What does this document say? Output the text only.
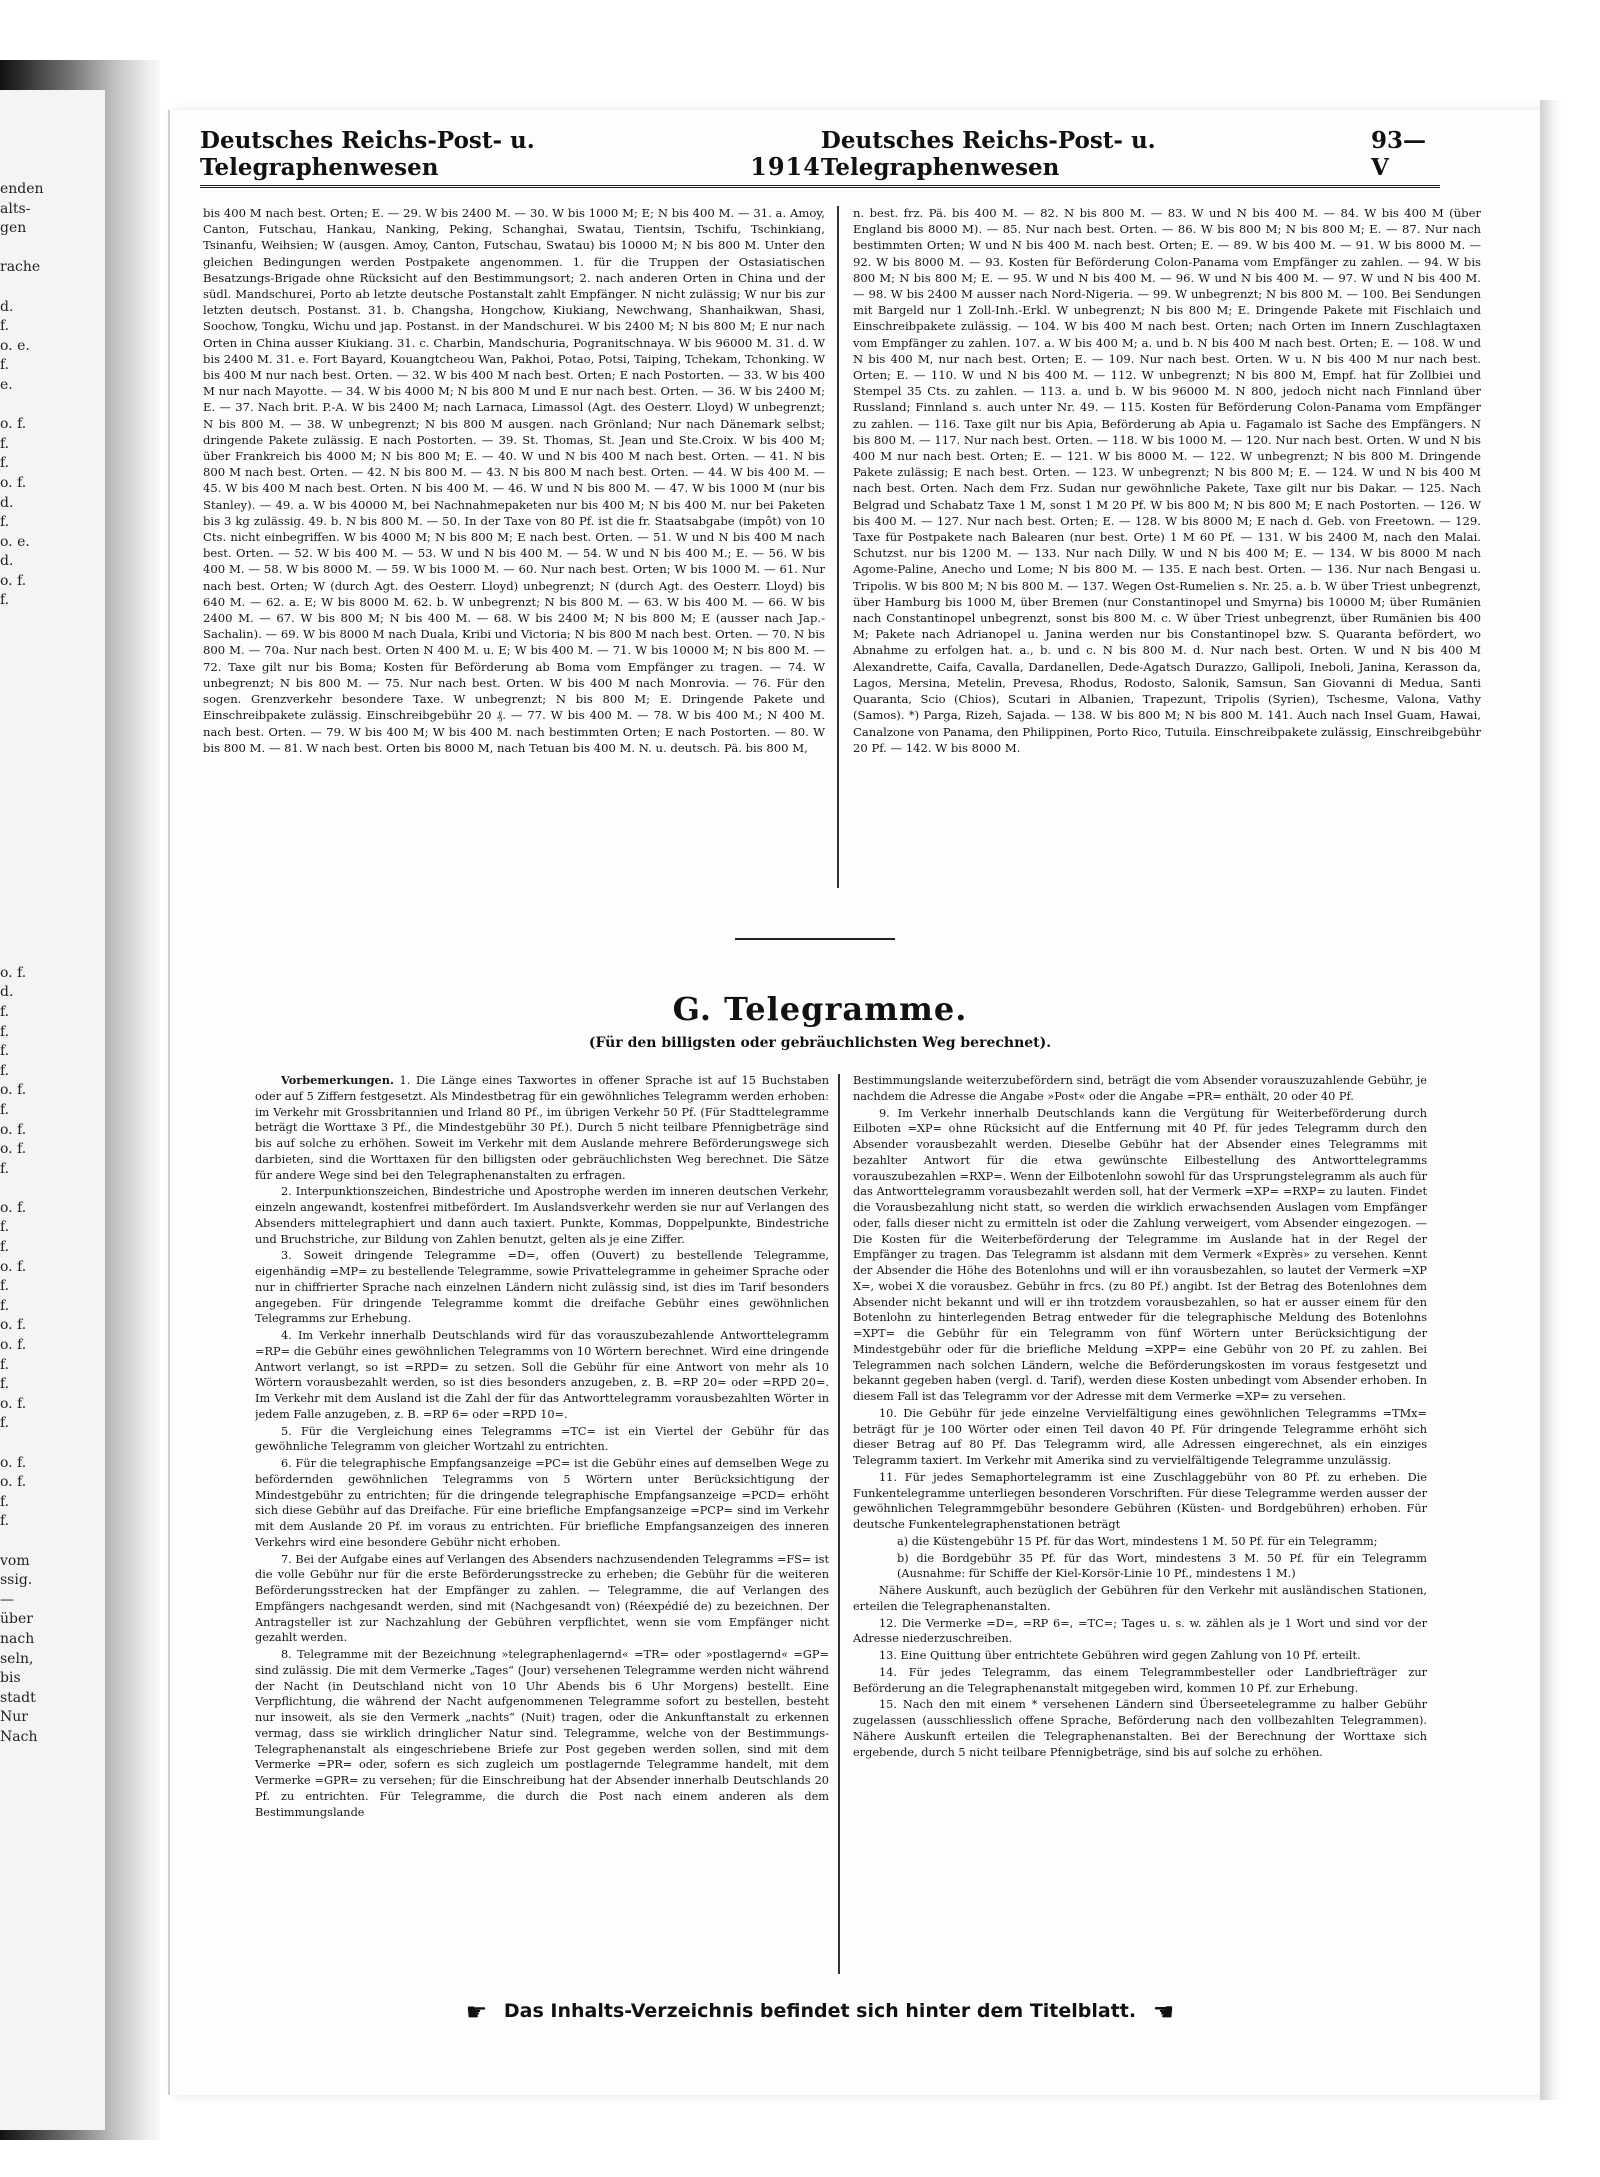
enden
alts-
gen

rache

d.
f.
o. e.
f.
e.

o. f.
f.
f.
o. f.
d.
f.
o. e.
d.
o. f.
f.

o. f.
d.
f.
f.
f.
f.
o. f.
f.
o. f.
o. f.
f.

o. f.
f.
f.
o. f.
f.
f.
o. f.
o. f.
f.
f.
o. f.
f.

o. f.
o. f.
f.
f.

vom
ssig.
—
über
nach
seln,
bis
stadt
Nur
Nach
Deutsches Reichs-Post- u. Telegraphenwesen	1914
Deutsches Reichs-Post- u. Telegraphenwesen
93—V
bis 400 M nach best. Orten; E. — 29. W bis 2400 M. — 30. W bis 1000 M; E; N bis 400 M. — 31. a. Amoy, Canton, Futschau, Hankau, Nanking, Peking, Schanghai, Swatau, Tientsin, Tschifu, Tschinkiang, Tsinanfu, Weihsien; W (ausgen. Amoy, Canton, Futschau, Swatau) bis 10000 M; N bis 800 M. Unter den gleichen Bedingungen werden Postpakete angenommen. 1. für die Truppen der Ostasiatischen Besatzungs-Brigade ohne Rücksicht auf den Bestimmungsort; 2. nach anderen Orten in China und der südl. Mandschurei, Porto ab letzte deutsche Postanstalt zahlt Empfänger. N nicht zulässig; W nur bis zur letzten deutsch. Postanst. 31. b. Changsha, Hongchow, Kiukiang, Newchwang, Shanhaikwan, Shasi, Soochow, Tongku, Wichu und jap. Postanst. in der Mandschurei. W bis 2400 M; N bis 800 M; E nur nach Orten in China ausser Kiukiang. 31. c. Charbin, Mandschuria, Pogranitschnaya. W bis 96000 M. 31. d. W bis 2400 M. 31. e. Fort Bayard, Kouangtcheou Wan, Pakhoi, Potao, Potsi, Taiping, Tchekam, Tchonking. W bis 400 M nur nach best. Orten. — 32. W bis 400 M nach best. Orten; E nach Postorten. — 33. W bis 400 M nur nach Mayotte. — 34. W bis 4000 M; N bis 800 M und E nur nach best. Orten. — 36. W bis 2400 M; E. — 37. Nach brit. P.-A. W bis 2400 M; nach Larnaca, Limassol (Agt. des Oesterr. Lloyd) W unbegrenzt; N bis 800 M. — 38. W unbegrenzt; N bis 800 M ausgen. nach Grönland; Nur nach Dänemark selbst; dringende Pakete zulässig. E nach Postorten. — 39. St. Thomas, St. Jean und Ste.Croix. W bis 400 M; über Frankreich bis 4000 M; N bis 800 M; E. — 40. W und N bis 400 M nach best. Orten. — 41. N bis 800 M nach best. Orten. — 42. N bis 800 M. — 43. N bis 800 M nach best. Orten. — 44. W bis 400 M. — 45. W bis 400 M nach best. Orten. N bis 400 M. — 46. W und N bis 800 M. — 47. W bis 1000 M (nur bis Stanley). — 49. a. W bis 40000 M, bei Nachnahmepaketen nur bis 400 M; N bis 400 M. nur bei Paketen bis 3 kg zulässig. 49. b. N bis 800 M. — 50. In der Taxe von 80 Pf. ist die fr. Staatsabgabe (impôt) von 10 Cts. nicht einbegriffen. W bis 4000 M; N bis 800 M; E nach best. Orten. — 51. W und N bis 400 M nach best. Orten. — 52. W bis 400 M. — 53. W und N bis 400 M. — 54. W und N bis 400 M.; E. — 56. W bis 400 M. — 58. W bis 8000 M. — 59. W bis 1000 M. — 60. Nur nach best. Orten; W bis 1000 M. — 61. Nur nach best. Orten; W (durch Agt. des Oesterr. Lloyd) unbegrenzt; N (durch Agt. des Oesterr. Lloyd) bis 640 M. — 62. a. E; W bis 8000 M. 62. b. W unbegrenzt; N bis 800 M. — 63. W bis 400 M. — 66. W bis 2400 M. — 67. W bis 800 M; N bis 400 M. — 68. W bis 2400 M; N bis 800 M; E (ausser nach Jap.-Sachalin). — 69. W bis 8000 M nach Duala, Kribi und Victoria; N bis 800 M nach best. Orten. — 70. N bis 800 M. — 70a. Nur nach best. Orten N 400 M. u. E; W bis 400 M. — 71. W bis 10000 M; N bis 800 M. — 72. Taxe gilt nur bis Boma; Kosten für Beförderung ab Boma vom Empfänger zu tragen. — 74. W unbegrenzt; N bis 800 M. — 75. Nur nach best. Orten. W bis 400 M nach Monrovia. — 76. Für den sogen. Grenzverkehr besondere Taxe. W unbegrenzt; N bis 800 M; E. Dringende Pakete und Einschreibpakete zulässig. Einschreibgebühr 20 ₰. — 77. W bis 400 M. — 78. W bis 400 M.; N 400 M. nach best. Orten. — 79. W bis 400 M; W bis 400 M. nach bestimmten Orten; E nach Postorten. — 80. W bis 800 M. — 81. W nach best. Orten bis 8000 M, nach Tetuan bis 400 M. N. u. deutsch. Pä. bis 800 M,
n. best. frz. Pä. bis 400 M. — 82. N bis 800 M. — 83. W und N bis 400 M. — 84. W bis 400 M (über England bis 8000 M). — 85. Nur nach best. Orten. — 86. W bis 800 M; N bis 800 M; E. — 87. Nur nach bestimmten Orten; W und N bis 400 M. nach best. Orten; E. — 89. W bis 400 M. — 91. W bis 8000 M. — 92. W bis 8000 M. — 93. Kosten für Beförderung Colon-Panama vom Empfänger zu zahlen. — 94. W bis 800 M; N bis 800 M; E. — 95. W und N bis 400 M. — 96. W und N bis 400 M. — 97. W und N bis 400 M. — 98. W bis 2400 M ausser nach Nord-Nigeria. — 99. W unbegrenzt; N bis 800 M. — 100. Bei Sendungen mit Bargeld nur 1 Zoll-Inh.-Erkl. W unbegrenzt; N bis 800 M; E. Dringende Pakete mit Fischlaich und Einschreibpakete zulässig. — 104. W bis 400 M nach best. Orten; nach Orten im Innern Zuschlagtaxen vom Empfänger zu zahlen. 107. a. W bis 400 M; a. und b. N bis 400 M nach best. Orten; E. — 108. W und N bis 400 M, nur nach best. Orten; E. — 109. Nur nach best. Orten. W u. N bis 400 M nur nach best. Orten; E. — 110. W und N bis 400 M. — 112. W unbegrenzt; N bis 800 M, Empf. hat für Zollbiei und Stempel 35 Cts. zu zahlen. — 113. a. und b. W bis 96000 M. N 800, jedoch nicht nach Finnland über Russland; Finnland s. auch unter Nr. 49. — 115. Kosten für Beförderung Colon-Panama vom Empfänger zu zahlen. — 116. Taxe gilt nur bis Apia, Beförderung ab Apia u. Fagamalo ist Sache des Empfängers. N bis 800 M. — 117. Nur nach best. Orten. — 118. W bis 1000 M. — 120. Nur nach best. Orten. W und N bis 400 M nur nach best. Orten; E. — 121. W bis 8000 M. — 122. W unbegrenzt; N bis 800 M. Dringende Pakete zulässig; E nach best. Orten. — 123. W unbegrenzt; N bis 800 M; E. — 124. W und N bis 400 M nach best. Orten. Nach dem Frz. Sudan nur gewöhnliche Pakete, Taxe gilt nur bis Dakar. — 125. Nach Belgrad und Schabatz Taxe 1 M, sonst 1 M 20 Pf. W bis 800 M; N bis 800 M; E nach Postorten. — 126. W bis 400 M. — 127. Nur nach best. Orten; E. — 128. W bis 8000 M; E nach d. Geb. von Freetown. — 129. Taxe für Postpakete nach Balearen (nur best. Orte) 1 M 60 Pf. — 131. W bis 2400 M, nach den Malai. Schutzst. nur bis 1200 M. — 133. Nur nach Dilly. W und N bis 400 M; E. — 134. W bis 8000 M nach Agome-Paline, Anecho und Lome; N bis 800 M. — 135. E nach best. Orten. — 136. Nur nach Bengasi u. Tripolis. W bis 800 M; N bis 800 M. — 137. Wegen Ost-Rumelien s. Nr. 25. a. b. W über Triest unbegrenzt, über Hamburg bis 1000 M, über Bremen (nur Constantinopel und Smyrna) bis 10000 M; über Rumänien nach Constantinopel unbegrenzt, sonst bis 800 M. c. W über Triest unbegrenzt, über Rumänien bis 400 M; Pakete nach Adrianopel u. Janina werden nur bis Constantinopel bzw. S. Quaranta befördert, wo Abnahme zu erfolgen hat. a., b. und c. N bis 800 M. d. Nur nach best. Orten. W und N bis 400 M Alexandrette, Caifa, Cavalla, Dardanellen, Dede-Agatsch Durazzo, Gallipoli, Ineboli, Janina, Kerasson da, Lagos, Mersina, Metelin, Prevesa, Rhodus, Rodosto, Salonik, Samsun, San Giovanni di Medua, Santi Quaranta, Scio (Chios), Scutari in Albanien, Trapezunt, Tripolis (Syrien), Tschesme, Valona, Vathy (Samos). *) Parga, Rizeh, Sajada. — 138. W bis 800 M; N bis 800 M. 141. Auch nach Insel Guam, Hawai, Canalzone von Panama, den Philippinen, Porto Rico, Tutuila. Einschreibpakete zulässig, Einschreibgebühr 20 Pf. — 142. W bis 8000 M.
G. Telegramme.
(Für den billigsten oder gebräuchlichsten Weg berechnet).

Vorbemerkungen. 1. Die Länge eines Taxwortes in offener Sprache ist auf 15 Buchstaben oder auf 5 Ziffern festgesetzt. Als Mindestbetrag für ein gewöhnliches Telegramm werden erhoben: im Verkehr mit Grossbritannien und Irland 80 Pf., im übrigen Verkehr 50 Pf. (Für Stadttelegramme beträgt die Worttaxe 3 Pf., die Mindestgebühr 30 Pf.). Durch 5 nicht teilbare Pfennigbeträge sind bis auf solche zu erhöhen. Soweit im Verkehr mit dem Auslande mehrere Beförderungswege sich darbieten, sind die Worttaxen für den billigsten oder gebräuchlichsten Weg berechnet. Die Sätze für andere Wege sind bei den Telegraphenanstalten zu erfragen.

2. Interpunktionszeichen, Bindestriche und Apostrophe werden im inneren deutschen Verkehr, einzeln angewandt, kostenfrei mitbefördert. Im Auslandsverkehr werden sie nur auf Verlangen des Absenders mittelegraphiert und dann auch taxiert. Punkte, Kommas, Doppelpunkte, Bindestriche und Bruchstriche, zur Bildung von Zahlen benutzt, gelten als je eine Ziffer.

3. Soweit dringende Telegramme =D=, offen (Ouvert) zu bestellende Telegramme, eigenhändig =MP= zu bestellende Telegramme, sowie Privattelegramme in geheimer Sprache oder nur in chiffrierter Sprache nach einzelnen Ländern nicht zulässig sind, ist dies im Tarif besonders angegeben. Für dringende Telegramme kommt die dreifache Gebühr eines gewöhnlichen Telegramms zur Erhebung.

4. Im Verkehr innerhalb Deutschlands wird für das vorauszubezahlende Antworttelegramm =RP= die Gebühr eines gewöhnlichen Telegramms von 10 Wörtern berechnet. Wird eine dringende Antwort verlangt, so ist =RPD= zu setzen. Soll die Gebühr für eine Antwort von mehr als 10 Wörtern vorausbezahlt werden, so ist dies besonders anzugeben, z. B. =RP 20= oder =RPD 20=. Im Verkehr mit dem Ausland ist die Zahl der für das Antworttelegramm vorausbezahlten Wörter in jedem Falle anzugeben, z. B. =RP 6= oder =RPD 10=.

5. Für die Vergleichung eines Telegramms =TC= ist ein Viertel der Gebühr für das gewöhnliche Telegramm von gleicher Wortzahl zu entrichten.

6. Für die telegraphische Empfangsanzeige =PC= ist die Gebühr eines auf demselben Wege zu befördernden gewöhnlichen Telegramms von 5 Wörtern unter Berücksichtigung der Mindestgebühr zu entrichten; für die dringende telegraphische Empfangsanzeige =PCD= erhöht sich diese Gebühr auf das Dreifache. Für eine briefliche Empfangsanzeige =PCP= sind im Verkehr mit dem Auslande 20 Pf. im voraus zu entrichten. Für briefliche Empfangsanzeigen des inneren Verkehrs wird eine besondere Gebühr nicht erhoben.

7. Bei der Aufgabe eines auf Verlangen des Absenders nachzusendenden Telegramms =FS= ist die volle Gebühr nur für die erste Beförderungsstrecke zu erheben; die Gebühr für die weiteren Beförderungsstrecken hat der Empfänger zu zahlen. — Telegramme, die auf Verlangen des Empfängers nachgesandt werden, sind mit (Nachgesandt von) (Réexpédié de) zu bezeichnen. Der Antragsteller ist zur Nachzahlung der Gebühren verpflichtet, wenn sie vom Empfänger nicht gezahlt werden.

8. Telegramme mit der Bezeichnung »telegraphenlagernd« =TR= oder »postlagernd« =GP= sind zulässig. Die mit dem Vermerke „Tages“ (Jour) versehenen Telegramme werden nicht während der Nacht (in Deutschland nicht von 10 Uhr Abends bis 6 Uhr Morgens) bestellt. Eine Verpflichtung, die während der Nacht aufgenommenen Telegramme sofort zu bestellen, besteht nur insoweit, als sie den Vermerk „nachts“ (Nuit) tragen, oder die Ankunftanstalt zu erkennen vermag, dass sie wirklich dringlicher Natur sind. Telegramme, welche von der Bestimmungs-Telegraphenanstalt als eingeschriebene Briefe zur Post gegeben werden sollen, sind mit dem Vermerke =PR= oder, sofern es sich zugleich um postlagernde Telegramme handelt, mit dem Vermerke =GPR= zu versehen; für die Einschreibung hat der Absender innerhalb Deutschlands 20 Pf. zu entrichten. Für Telegramme, die durch die Post nach einem anderen als dem Bestimmungslande

Bestimmungslande weiterzubefördern sind, beträgt die vom Absender vorauszuzahlende Gebühr, je nachdem die Adresse die Angabe »Post« oder die Angabe =PR= enthält, 20 oder 40 Pf.

9. Im Verkehr innerhalb Deutschlands kann die Vergütung für Weiterbeförderung durch Eilboten =XP= ohne Rücksicht auf die Entfernung mit 40 Pf. für jedes Telegramm durch den Absender vorausbezahlt werden. Dieselbe Gebühr hat der Absender eines Telegramms mit bezahlter Antwort für die etwa gewünschte Eilbestellung des Antworttelegramms vorauszubezahlen =RXP=. Wenn der Eilbotenlohn sowohl für das Ursprungstelegramm als auch für das Antworttelegramm vorausbezahlt werden soll, hat der Vermerk =XP= =RXP= zu lauten. Findet die Vorausbezahlung nicht statt, so werden die wirklich erwachsenden Auslagen vom Empfänger oder, falls dieser nicht zu ermitteln ist oder die Zahlung verweigert, vom Absender eingezogen. — Die Kosten für die Weiterbeförderung der Telegramme im Auslande hat in der Regel der Empfänger zu tragen. Das Telegramm ist alsdann mit dem Vermerk «Exprès» zu versehen. Kennt der Absender die Höhe des Botenlohns und will er ihn vorausbezahlen, so lautet der Vermerk =XP X=, wobei X die vorausbez. Gebühr in frcs. (zu 80 Pf.) angibt. Ist der Betrag des Botenlohnes dem Absender nicht bekannt und will er ihn trotzdem vorausbezahlen, so hat er ausser einem für den Botenlohn zu hinterlegenden Betrag entweder für die telegraphische Meldung des Botenlohns =XPT= die Gebühr für ein Telegramm von fünf Wörtern unter Berücksichtigung der Mindestgebühr oder für die briefliche Meldung =XPP= eine Gebühr von 20 Pf. zu zahlen. Bei Telegrammen nach solchen Ländern, welche die Beförderungskosten im voraus festgesetzt und bekannt gegeben haben (vergl. d. Tarif), werden diese Kosten unbedingt vom Absender erhoben. In diesem Fall ist das Telegramm vor der Adresse mit dem Vermerke =XP= zu versehen.

10. Die Gebühr für jede einzelne Vervielfältigung eines gewöhnlichen Telegramms =TMx= beträgt für je 100 Wörter oder einen Teil davon 40 Pf. Für dringende Telegramme erhöht sich dieser Betrag auf 80 Pf. Das Telegramm wird, alle Adressen eingerechnet, als ein einziges Telegramm taxiert. Im Verkehr mit Amerika sind zu vervielfältigende Telegramme unzulässig.

11. Für jedes Semaphortelegramm ist eine Zuschlaggebühr von 80 Pf. zu erheben. Die Funkentelegramme unterliegen besonderen Vorschriften. Für diese Telegramme werden ausser der gewöhnlichen Telegrammgebühr besondere Gebühren (Küsten- und Bordgebühren) erhoben. Für deutsche Funkentelegraphenstationen beträgt

a) die Küstengebühr 15 Pf. für das Wort, mindestens 1 M. 50 Pf. für ein Telegramm;

b) die Bordgebühr 35 Pf. für das Wort, mindestens 3 M. 50 Pf. für ein Telegramm (Ausnahme: für Schiffe der Kiel-Korsör-Linie 10 Pf., mindestens 1 M.)

Nähere Auskunft, auch bezüglich der Gebühren für den Verkehr mit ausländischen Stationen, erteilen die Telegraphenanstalten.

12. Die Vermerke =D=, =RP 6=, =TC=; Tages u. s. w. zählen als je 1 Wort und sind vor der Adresse niederzuschreiben.

13. Eine Quittung über entrichtete Gebühren wird gegen Zahlung von 10 Pf. erteilt.

14. Für jedes Telegramm, das einem Telegrammbesteller oder Landbriefträger zur Beförderung an die Telegraphenanstalt mitgegeben wird, kommen 10 Pf. zur Erhebung.

15. Nach den mit einem * versehenen Ländern sind Überseetelegramme zu halber Gebühr zugelassen (ausschliesslich offene Sprache, Beförderung nach den vollbezahlten Telegrammen). Nähere Auskunft erteilen die Telegraphenanstalten. Bei der Berechnung der Worttaxe sich ergebende, durch 5 nicht teilbare Pfennigbeträge, sind bis auf solche zu erhöhen.

☛ Das Inhalts-Verzeichnis befindet sich hinter dem Titelblatt. ☚
